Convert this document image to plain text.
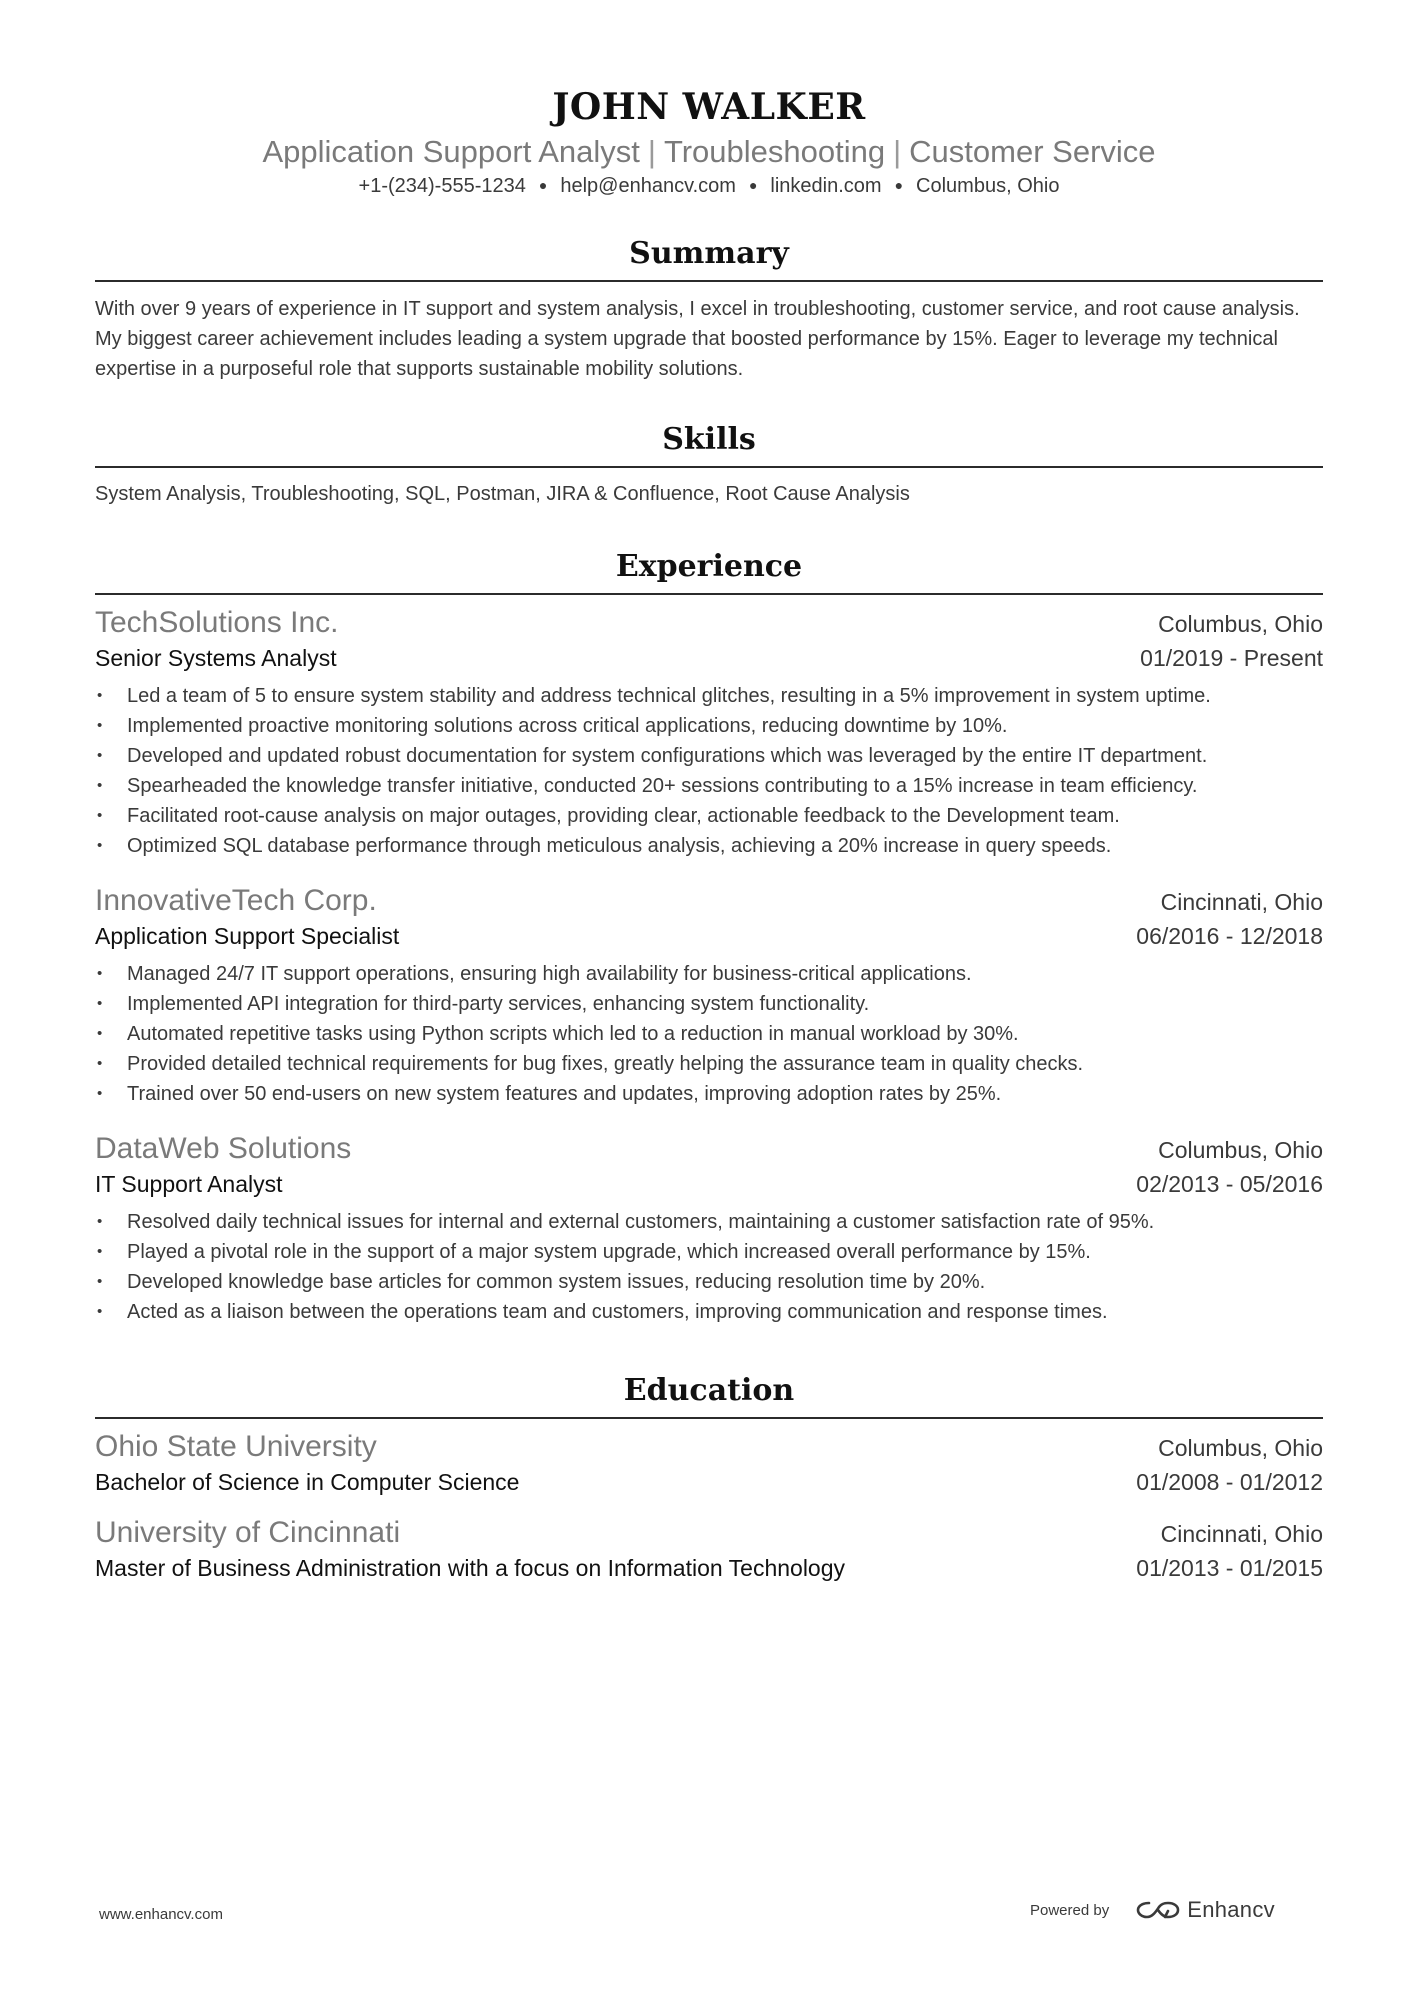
JOHN WALKER
Application Support Analyst | Troubleshooting | Customer Service
+1-(234)-555-1234 ● help@enhancv.com ● linkedin.com ● Columbus, Ohio
Summary

With over 9 years of experience in IT support and system analysis, I excel in troubleshooting, customer service, and root cause analysis. My biggest career achievement includes leading a system upgrade that boosted performance by 15%. Eager to leverage my technical expertise in a purposeful role that supports sustainable mobility solutions.

Skills

System Analysis, Troubleshooting, SQL, Postman, JIRA & Confluence, Root Cause Analysis

Experience
TechSolutions Inc.	Columbus, Ohio
Senior Systems Analyst	01/2019 - Present
• Led a team of 5 to ensure system stability and address technical glitches, resulting in a 5% improvement in system uptime.
• Implemented proactive monitoring solutions across critical applications, reducing downtime by 10%.
• Developed and updated robust documentation for system configurations which was leveraged by the entire IT department.
• Spearheaded the knowledge transfer initiative, conducted 20+ sessions contributing to a 15% increase in team efficiency.
• Facilitated root-cause analysis on major outages, providing clear, actionable feedback to the Development team.
• Optimized SQL database performance through meticulous analysis, achieving a 20% increase in query speeds.
InnovativeTech Corp.	Cincinnati, Ohio
Application Support Specialist	06/2016 - 12/2018
• Managed 24/7 IT support operations, ensuring high availability for business-critical applications.
• Implemented API integration for third-party services, enhancing system functionality.
• Automated repetitive tasks using Python scripts which led to a reduction in manual workload by 30%.
• Provided detailed technical requirements for bug fixes, greatly helping the assurance team in quality checks.
• Trained over 50 end-users on new system features and updates, improving adoption rates by 25%.
DataWeb Solutions	Columbus, Ohio
IT Support Analyst	02/2013 - 05/2016
• Resolved daily technical issues for internal and external customers, maintaining a customer satisfaction rate of 95%.
• Played a pivotal role in the support of a major system upgrade, which increased overall performance by 15%.
• Developed knowledge base articles for common system issues, reducing resolution time by 20%.
• Acted as a liaison between the operations team and customers, improving communication and response times.
Education
Ohio State University	Columbus, Ohio
Bachelor of Science in Computer Science	01/2008 - 01/2012
University of Cincinnati	Cincinnati, Ohio
Master of Business Administration with a focus on Information Technology	01/2013 - 01/2015
www.enhancv.com	Powered by	Enhancv
